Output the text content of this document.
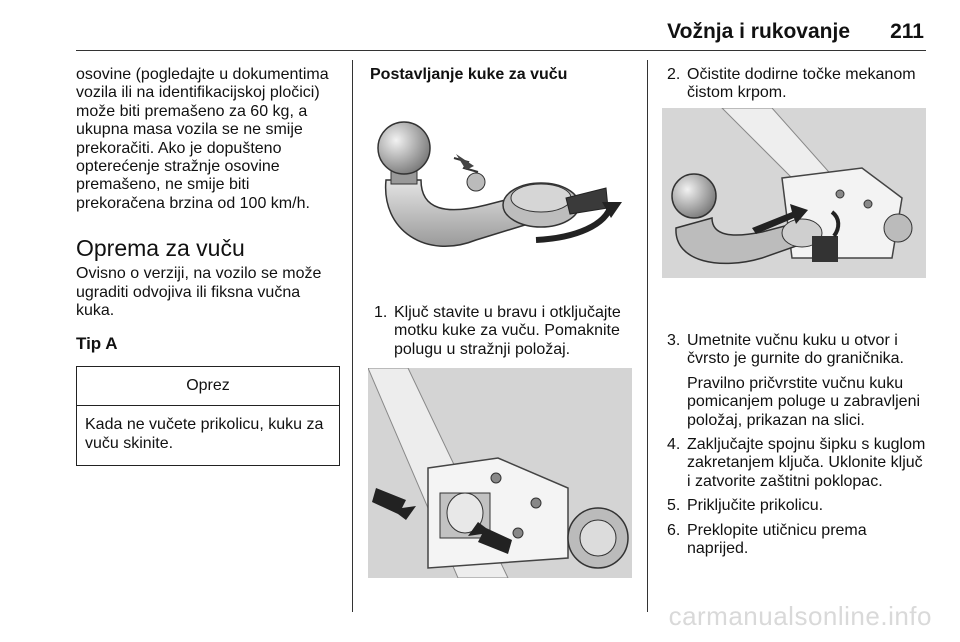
Vožnja i rukovanje 211

osovine (pogledajte u dokumentima vozila ili na identifikacijskoj pločici) može biti premašeno za 60 kg, a ukupna masa vozila se ne smije prekoračiti. Ako je dopušteno opterećenje stražnje osovine premašeno, ne smije biti prekoračena brzina od 100 km/h.

Oprema za vuču

Ovisno o verziji, na vozilo se može ugraditi odvojiva ili fiksna vučna kuka.

Tip A

Oprez
Kada ne vučete prikolicu, kuku za vuču skinite.

Postavljanje kuke za vuču

1. Ključ stavite u bravu i otključajte motku kuke za vuču. Pomaknite polugu u stražnji položaj.
2. Očistite dodirne točke mekanom čistom krpom.
3. Umetnite vučnu kuku u otvor i čvrsto je gurnite do graničnika.
Pravilno pričvrstite vučnu kuku pomicanjem poluge u zabravljeni položaj, prikazan na slici.
4. Zaključajte spojnu šipku s kuglom zakretanjem ključa. Uklonite ključ i zatvorite zaštitni poklopac.
5. Priključite prikolicu.
6. Preklopite utičnicu prema naprijed.
carmanualsonline.info
